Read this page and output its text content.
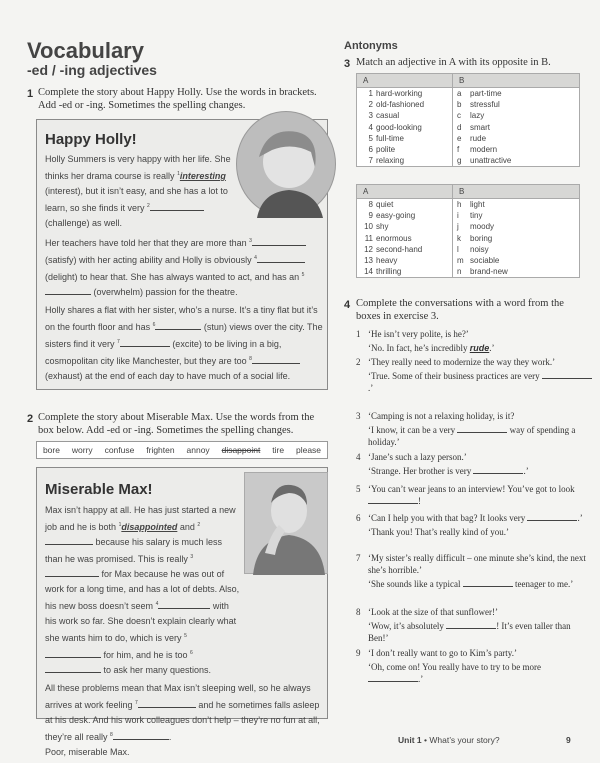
Vocabulary
-ed / -ing adjectives
1 Complete the story about Happy Holly. Use the words in brackets. Add -ed or -ing. Sometimes the spelling changes.
Happy Holly!

Holly Summers is very happy with her life. She thinks her drama course is really $^1$interesting (interest), but it isn’t easy, and she has a lot to learn, so she finds it very $^2$ (challenge) as well.

Her teachers have told her that they are more than $^3$ (satisfy) with her acting ability and Holly is obviously $^4$ (delight) to hear that. She has always wanted to act, and has an $^5$ (overwhelm) passion for the theatre.

Holly shares a flat with her sister, who’s a nurse. It’s a tiny flat but it’s on the fourth floor and has $^6$	(stun) views over the city. The sisters find it very $^7$	(excite) to be living in a big, cosmopolitan city like Manchester, but they are too $^8$ (exhaust) at the end of each day to have much of a social life.

2 Complete the story about Miserable Max. Use the words from the box below. Add -ed or -ing. Sometimes the spelling changes.
bore worry confuse frighten annoy disappoint tire please
Miserable Max!

Max isn’t happy at all. He has just started a new job and he is both $^1$disappointed and $^2$ because his salary is much less than he was promised. This is really $^3$ for Max because he was out of work for a long time, and has a lot of debts. Also, his new boss doesn’t seem $^4$	with his work so far. She doesn’t explain clearly what she wants him to do, which is very $^5$ for him, and he is too $^6$ to ask her many questions.

All these problems mean that Max isn’t sleeping well, so he always arrives at work feeling $^7$	and he sometimes falls asleep at his desk. And his work colleagues don’t help – they’re no fun at all, they’re all really $^8$	.
Poor, miserable Max.

Antonyms
3 Match an adjective in A with its opposite in B.
A	B
1 hard-working	a part-time
2 old-fashioned	b stressful
3 casual	c lazy
4 good-looking	d smart
5 full-time	e rude
6 polite	f modern
7 relaxing	g unattractive
A	B
8 quiet	h light
9 easy-going	i tiny
10 shy	j moody
11 enormous	k boring
12 second-hand	l noisy
13 heavy	m sociable
14 thrilling	n brand-new
4 Complete the conversations with a word from the boxes in exercise 3.
1 ‘He isn’t very polite, is he?’
‘No. In fact, he’s incredibly rude.’
2 ‘They really need to modernize the way they work.’
‘True. Some of their business practices are very .’
3 ‘Camping is not a relaxing holiday, is it?
‘I know, it can be a very	way of spending a holiday.’
4 ‘Jane’s such a lazy person.’
‘Strange. Her brother is very	.’
5 ‘You can’t wear jeans to an interview! You’ve got to look !
6 ‘Can I help you with that bag? It looks very	.’
‘Thank you! That’s really kind of you.’
7 ‘My sister’s really difficult – one minute she’s kind, the next she’s horrible.’
‘She sounds like a typical	teenager to me.’
8 ‘Look at the size of that sunflower!’
‘Wow, it’s absolutely	! It’s even taller than Ben!’
9 ‘I don’t really want to go to Kim’s party.’
‘Oh, come on! You really have to try to be more .’
Unit 1 • What’s your story?	9
